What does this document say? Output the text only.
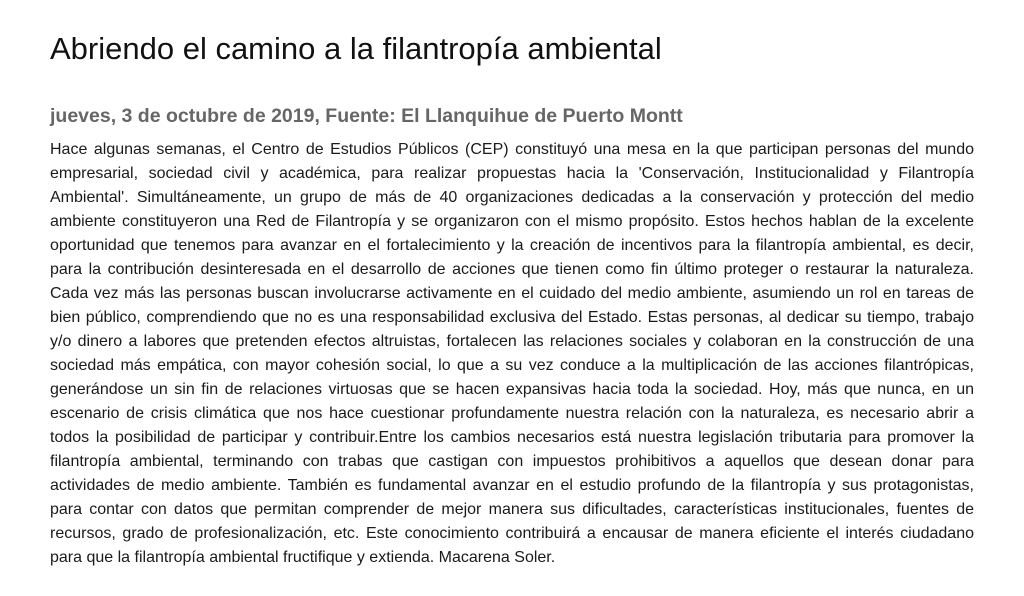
Abriendo el camino a la filantropía ambiental
jueves, 3 de octubre de 2019, Fuente: El Llanquihue de Puerto Montt

Hace algunas semanas, el Centro de Estudios Públicos (CEP) constituyó una mesa en la que participan personas del mundo empresarial, sociedad civil y académica, para realizar propuestas hacia la 'Conservación, Institucionalidad y Filantropía Ambiental'. Simultáneamente, un grupo de más de 40 organizaciones dedicadas a la conservación y protección del medio ambiente constituyeron una Red de Filantropía y se organizaron con el mismo propósito. Estos hechos hablan de la excelente oportunidad que tenemos para avanzar en el fortalecimiento y la creación de incentivos para la filantropía ambiental, es decir, para la contribución desinteresada en el desarrollo de acciones que tienen como fin último proteger o restaurar la naturaleza. Cada vez más las personas buscan involucrarse activamente en el cuidado del medio ambiente, asumiendo un rol en tareas de bien público, comprendiendo que no es una responsabilidad exclusiva del Estado. Estas personas, al dedicar su tiempo, trabajo y/o dinero a labores que pretenden efectos altruistas, fortalecen las relaciones sociales y colaboran en la construcción de una sociedad más empática, con mayor cohesión social, lo que a su vez conduce a la multiplicación de las acciones filantrópicas, generándose un sin fin de relaciones virtuosas que se hacen expansivas hacia toda la sociedad. Hoy, más que nunca, en un escenario de crisis climática que nos hace cuestionar profundamente nuestra relación con la naturaleza, es necesario abrir a todos la posibilidad de participar y contribuir.Entre los cambios necesarios está nuestra legislación tributaria para promover la filantropía ambiental, terminando con trabas que castigan con impuestos prohibitivos a aquellos que desean donar para actividades de medio ambiente. También es fundamental avanzar en el estudio profundo de la filantropía y sus protagonistas, para contar con datos que permitan comprender de mejor manera sus dificultades, características institucionales, fuentes de recursos, grado de profesionalización, etc. Este conocimiento contribuirá a encausar de manera eficiente el interés ciudadano para que la filantropía ambiental fructifique y extienda. Macarena Soler.
